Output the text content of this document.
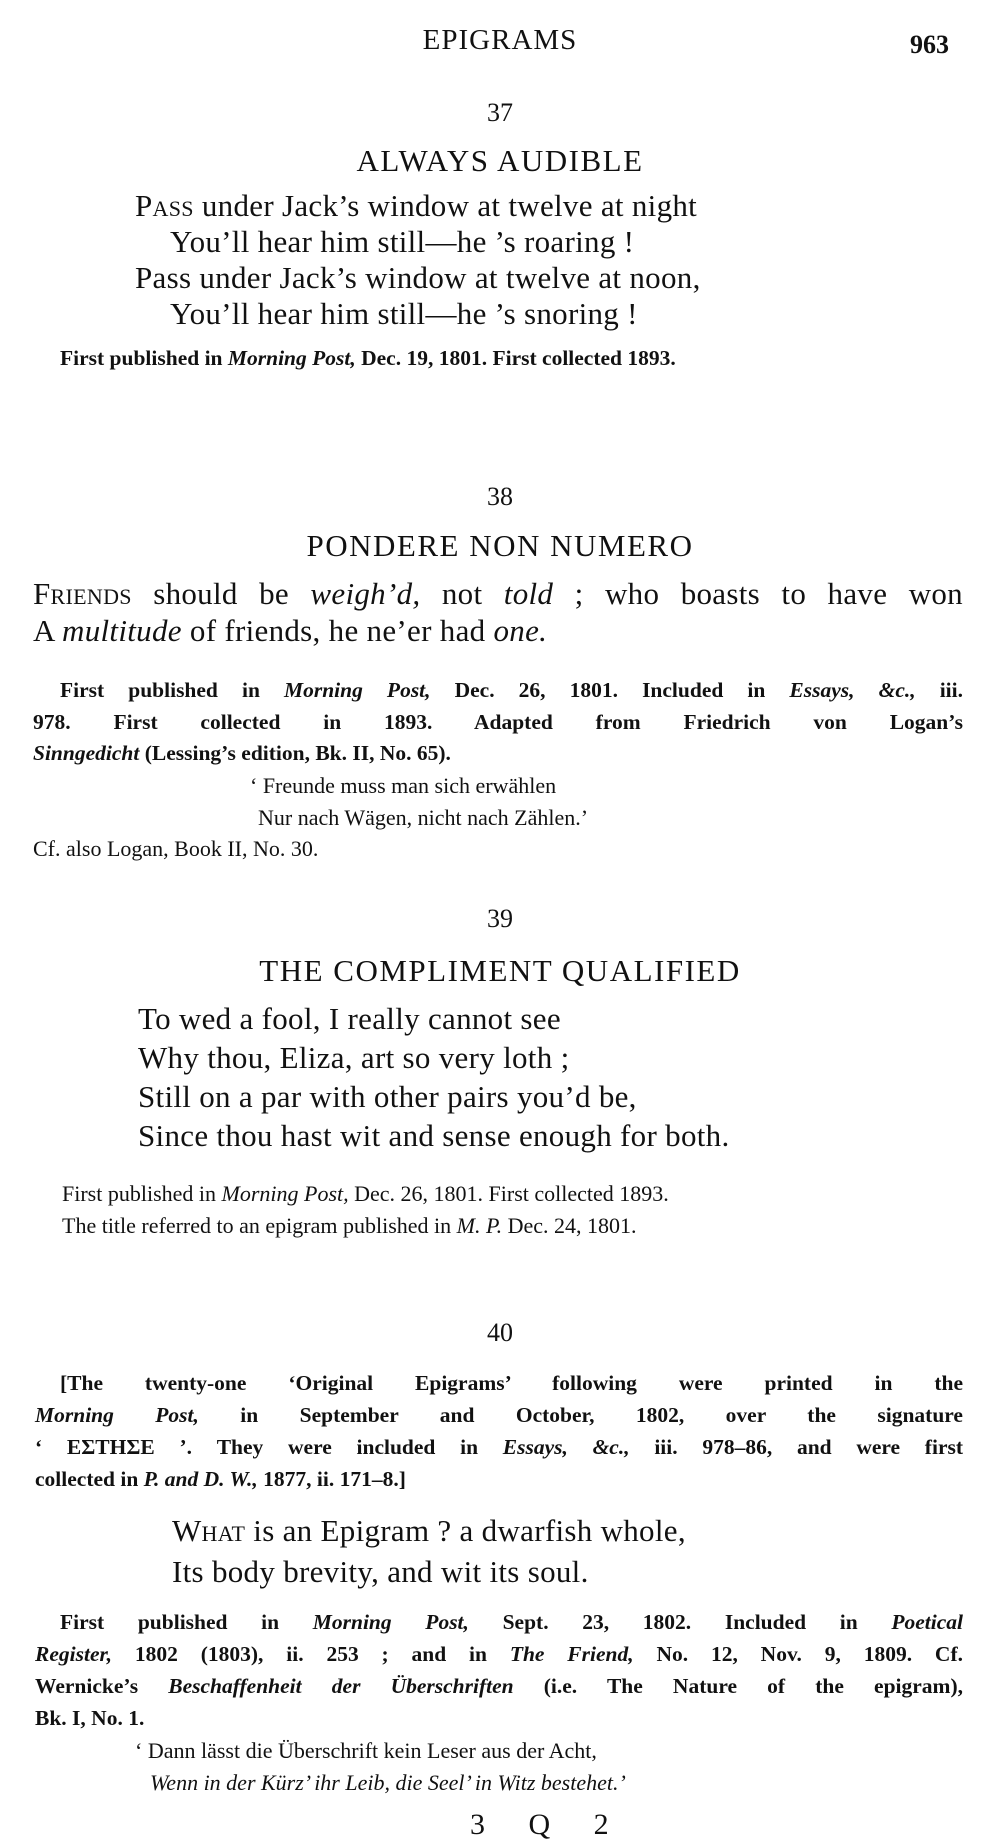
EPIGRAMS	963
37
ALWAYS AUDIBLE
Pass under Jack’s window at twelve at night
You’ll hear him still—he ’s roaring !
Pass under Jack’s window at twelve at noon,
You’ll hear him still—he ’s snoring !
First published in Morning Post, Dec. 19, 1801. First collected 1893.
38
PONDERE NON NUMERO
Friends should be weigh’d, not told ; who boasts to have won
A multitude of friends, he ne’er had one.
First published in Morning Post, Dec. 26, 1801. Included in Essays, &c., iii.
978. First collected in 1893. Adapted from Friedrich von Logan’s
Sinngedicht (Lessing’s edition, Bk. II, No. 65).
‘ Freunde muss man sich erwählen
Nur nach Wägen, nicht nach Zählen.’
Cf. also Logan, Book II, No. 30.
39
THE COMPLIMENT QUALIFIED
To wed a fool, I really cannot see
Why thou, Eliza, art so very loth ;
Still on a par with other pairs you’d be,
Since thou hast wit and sense enough for both.
First published in Morning Post, Dec. 26, 1801. First collected 1893.
The title referred to an epigram published in M. P. Dec. 24, 1801.
40
[The twenty-one ‘Original Epigrams’ following were printed in the
Morning Post, in September and October, 1802, over the signature
‘ ΕΣΤΗΣΕ ’. They were included in Essays, &c., iii. 978–86, and were first
collected in P. and D. W., 1877, ii. 171–8.]
What is an Epigram ? a dwarfish whole,
Its body brevity, and wit its soul.
First published in Morning Post, Sept. 23, 1802. Included in Poetical
Register, 1802 (1803), ii. 253 ; and in The Friend, No. 12, Nov. 9, 1809. Cf.
Wernicke’s Beschaffenheit der Überschriften (i.e. The Nature of the epigram),
Bk. I, No. 1.
‘ Dann lässt die Überschrift kein Leser aus der Acht,
Wenn in der Kürz’ ihr Leib, die Seel’ in Witz bestehet.’
3 Q 2
